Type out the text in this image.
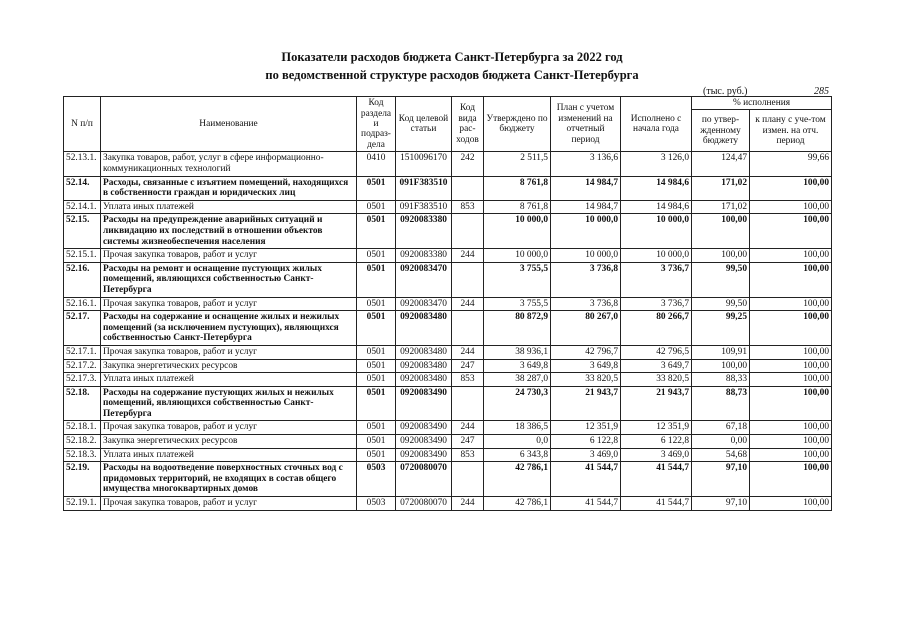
Показатели расходов бюджета Санкт-Петербурга за 2022 год
по ведомственной структуре расходов бюджета Санкт-Петербурга
(тыс. руб.)	285
N п/п	Наименование	Код раздела и подраз-дела	Код целевой статьи	Код вида рас-ходов	Утверждено по бюджету	План с учетом изменений на отчетный период	Исполнено с начала года	% исполнения	
								по утвер-жденному бюджету	к плану с уче-том измен. на отч. период
52.13.1.	Закупка товаров, работ, услуг в сфере информационно-коммуникационных технологий	0410	1510096170	242	2 511,5	3 136,6	3 126,0	124,47	99,66
52.14.	Расходы, связанные с изъятием помещений, находящихся в собственности граждан и юридических лиц	0501	091F383510		8 761,8	14 984,7	14 984,6	171,02	100,00
52.14.1.	Уплата иных платежей	0501	091F383510	853	8 761,8	14 984,7	14 984,6	171,02	100,00
52.15.	Расходы на предупреждение аварийных ситуаций и ликвидацию их последствий в отношении объектов системы жизнеобеспечения населения	0501	0920083380		10 000,0	10 000,0	10 000,0	100,00	100,00
52.15.1.	Прочая закупка товаров, работ и услуг	0501	0920083380	244	10 000,0	10 000,0	10 000,0	100,00	100,00
52.16.	Расходы на ремонт и оснащение пустующих жилых помещений, являющихся собственностью Санкт-Петербурга	0501	0920083470		3 755,5	3 736,8	3 736,7	99,50	100,00
52.16.1.	Прочая закупка товаров, работ и услуг	0501	0920083470	244	3 755,5	3 736,8	3 736,7	99,50	100,00
52.17.	Расходы на содержание и оснащение жилых и нежилых помещений (за исключением пустующих), являющихся собственностью Санкт-Петербурга	0501	0920083480		80 872,9	80 267,0	80 266,7	99,25	100,00
52.17.1.	Прочая закупка товаров, работ и услуг	0501	0920083480	244	38 936,1	42 796,7	42 796,5	109,91	100,00
52.17.2.	Закупка энергетических ресурсов	0501	0920083480	247	3 649,8	3 649,8	3 649,7	100,00	100,00
52.17.3.	Уплата иных платежей	0501	0920083480	853	38 287,0	33 820,5	33 820,5	88,33	100,00
52.18.	Расходы на содержание пустующих жилых и нежилых помещений, являющихся собственностью Санкт-Петербурга	0501	0920083490		24 730,3	21 943,7	21 943,7	88,73	100,00
52.18.1.	Прочая закупка товаров, работ и услуг	0501	0920083490	244	18 386,5	12 351,9	12 351,9	67,18	100,00
52.18.2.	Закупка энергетических ресурсов	0501	0920083490	247	0,0	6 122,8	6 122,8	0,00	100,00
52.18.3.	Уплата иных платежей	0501	0920083490	853	6 343,8	3 469,0	3 469,0	54,68	100,00
52.19.	Расходы на водоотведение поверхностных сточных вод с придомовых территорий, не входящих в состав общего имущества многоквартирных домов	0503	0720080070		42 786,1	41 544,7	41 544,7	97,10	100,00
52.19.1.	Прочая закупка товаров, работ и услуг	0503	0720080070	244	42 786,1	41 544,7	41 544,7	97,10	100,00
